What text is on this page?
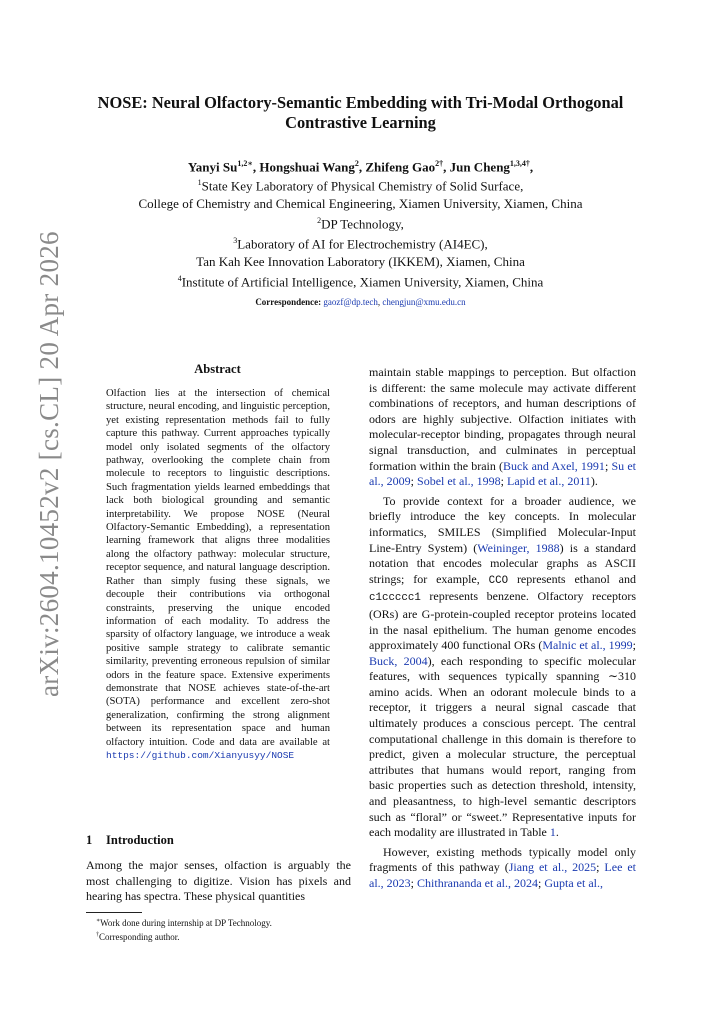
arXiv:2604.10452v2 [cs.CL] 20 Apr 2026
NOSE: Neural Olfactory-Semantic Embedding with Tri-Modal Orthogonal
Contrastive Learning
Yanyi $Su^{1,2∗}$, Hongshuai Wang$^2$, Zhifeng Gao$^{2\dagger}$, Jun Cheng$^{1,3,4\dagger}$,
$^1$State Key Laboratory of Physical Chemistry of Solid Surface,
College of Chemistry and Chemical Engineering, Xiamen University, Xiamen, China
$^2$DP Technology,
$^3$Laboratory of AI for Electrochemistry (AI4EC),
Tan Kah Kee Innovation Laboratory (IKKEM), Xiamen, China
$^4$Institute of Artificial Intelligence, Xiamen University, Xiamen, China
Correspondence: gaozf@dp.tech, chengjun@xmu.edu.cn
Abstract
Olfaction lies at the intersection of chemical structure, neural encoding, and linguistic perception, yet existing representation methods fail to fully capture this pathway. Current approaches typically model only isolated segments of the olfactory pathway, overlooking the complete chain from molecule to receptors to linguistic descriptions. Such fragmentation yields learned embeddings that lack both biological grounding and semantic interpretability. We propose NOSE (Neural Olfactory-Semantic Embedding), a representation learning framework that aligns three modalities along the olfactory pathway: molecular structure, receptor sequence, and natural language description. Rather than simply fusing these signals, we decouple their contributions via orthogonal constraints, preserving the unique encoded information of each modality. To address the sparsity of olfactory language, we introduce a weak positive sample strategy to calibrate semantic similarity, preventing erroneous repulsion of similar odors in the feature space. Extensive experiments demonstrate that NOSE achieves state-of-the-art (SOTA) performance and excellent zero-shot generalization, confirming the strong alignment between its representation space and human olfactory intuition. Code and data are available at https://github.com/Xianyusyy/NOSE
1 Introduction
Among the major senses, olfaction is arguably the most challenging to digitize. Vision has pixels and hearing has spectra. These physical quantities
∗Work done during internship at DP Technology.
†Corresponding author.

maintain stable mappings to perception. But olfaction is different: the same molecule may activate different combinations of receptors, and human descriptions of odors are highly subjective. Olfaction initiates with molecular-receptor binding, propagates through neural signal transduction, and culminates in perceptual formation within the brain (Buck and Axel, 1991; Su et al., 2009; Sobel et al., 1998; Lapid et al., 2011).

To provide context for a broader audience, we briefly introduce the key concepts. In molecular informatics, SMILES (Simplified Molecular-Input Line-Entry System) (Weininger, 1988) is a standard notation that encodes molecular graphs as ASCII strings; for example, CCO represents ethanol and c1ccccc1 represents benzene. Olfactory receptors (ORs) are G-protein-coupled receptor proteins located in the nasal epithelium. The human genome encodes approximately 400 functional ORs (Malnic et al., 1999; Buck, 2004), each responding to specific molecular features, with sequences typically spanning ∼310 amino acids. When an odorant molecule binds to a receptor, it triggers a neural signal cascade that ultimately produces a conscious percept. The central computational challenge in this domain is therefore to predict, given a molecular structure, the perceptual attributes that humans would report, ranging from basic properties such as detection threshold, intensity, and pleasantness, to high-level semantic descriptors such as “floral” or “sweet.” Representative inputs for each modality are illustrated in Table 1.

However, existing methods typically model only fragments of this pathway (Jiang et al., 2025; Lee et al., 2023; Chithrananda et al., 2024; Gupta et al.,
